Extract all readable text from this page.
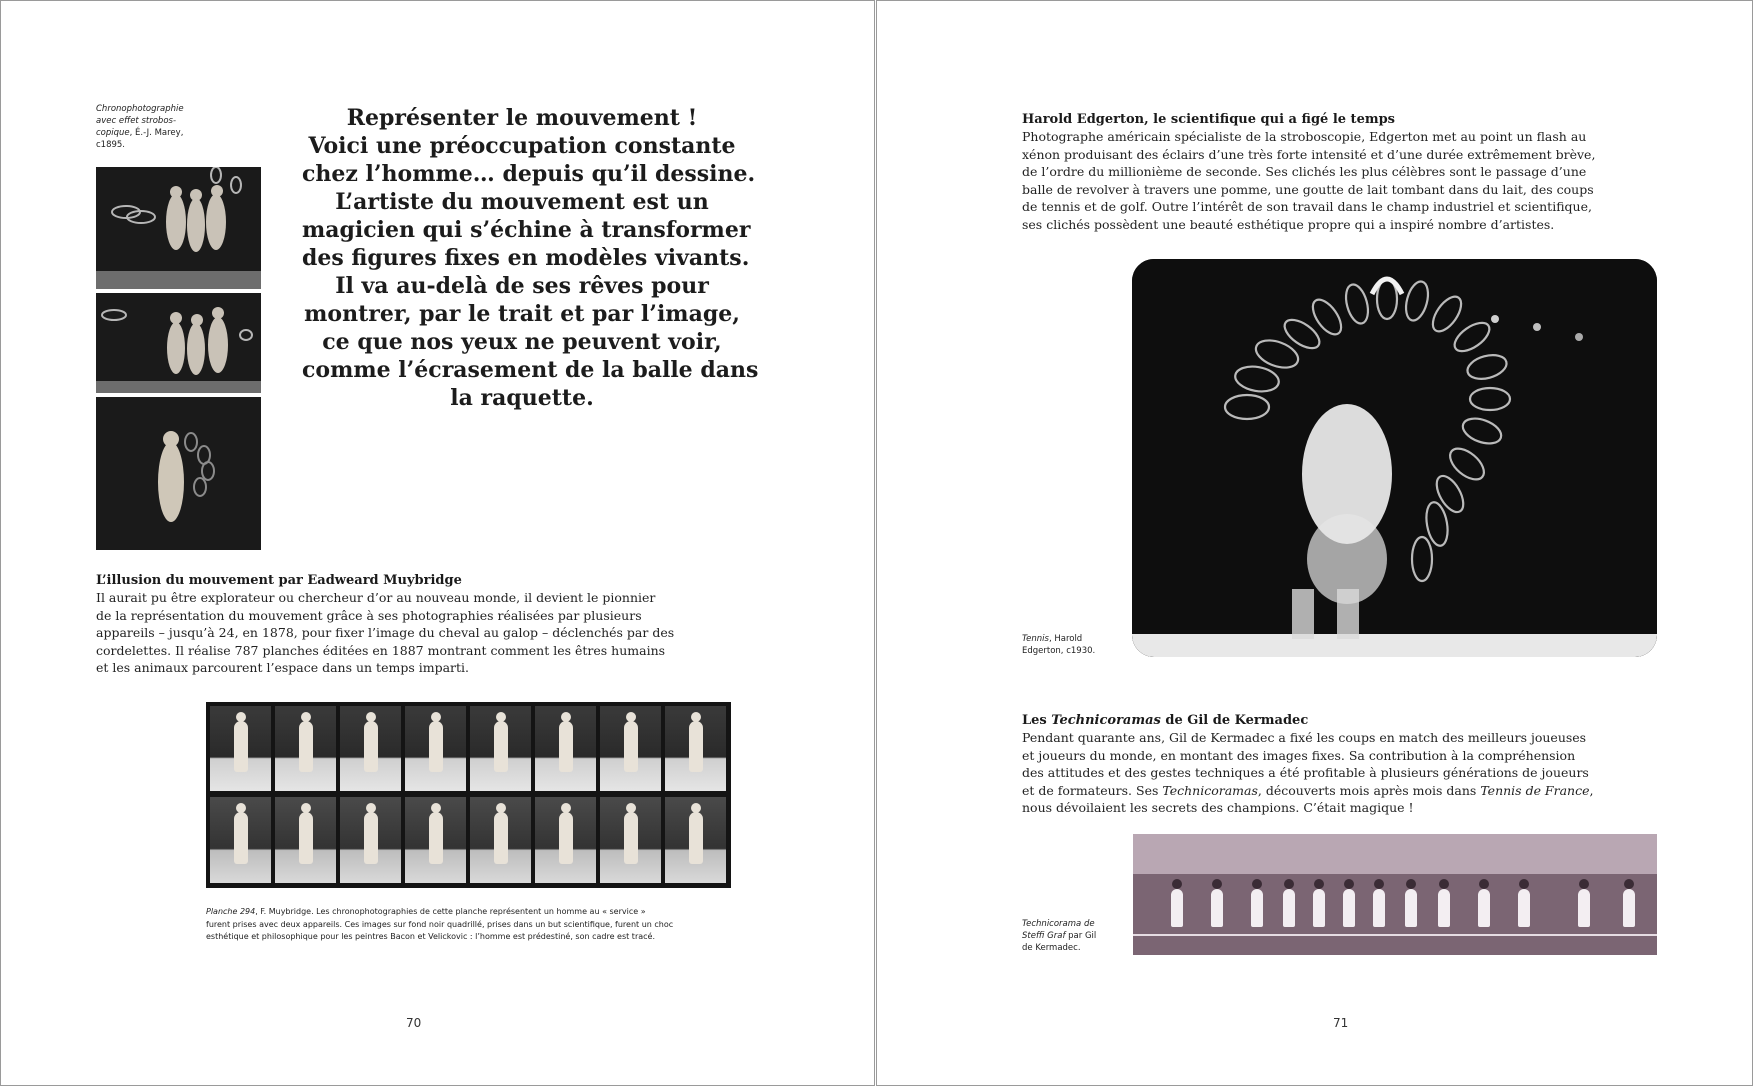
Chronophotographie
avec effet strobos-
copique, É.-J. Marey,
c1895.
Représenter le mouvement !
Voici une préoccupation constante
chez l’homme… depuis qu’il dessine.
L’artiste du mouvement est un
magicien qui s’échine à transformer
des figures fixes en modèles vivants.
Il va au-delà de ses rêves pour
montrer, par le trait et par l’image,
ce que nos yeux ne peuvent voir,
comme l’écrasement de la balle dans
la raquette.
L’illusion du mouvement par Eadweard Muybridge
Il aurait pu être explorateur ou chercheur d’or au nouveau monde, il devient le pionnier
de la représentation du mouvement grâce à ses photographies réalisées par plusieurs
appareils – jusqu’à 24, en 1878, pour fixer l’image du cheval au galop – déclenchés par des
cordelettes. Il réalise 787 planches éditées en 1887 montrant comment les êtres humains
et les animaux parcourent l’espace dans un temps imparti.
Planche 294, F. Muybridge. Les chronophotographies de cette planche représentent un homme au « service »
furent prises avec deux appareils. Ces images sur fond noir quadrillé, prises dans un but scientifique, furent un choc
esthétique et philosophique pour les peintres Bacon et Velickovic : l’homme est prédestiné, son cadre est tracé.
70
Harold Edgerton, le scientifique qui a figé le temps
Photographe américain spécialiste de la stroboscopie, Edgerton met au point un flash au
xénon produisant des éclairs d’une très forte intensité et d’une durée extrêmement brève,
de l’ordre du millionième de seconde. Ses clichés les plus célèbres sont le passage d’une
balle de revolver à travers une pomme, une goutte de lait tombant dans du lait, des coups
de tennis et de golf. Outre l’intérêt de son travail dans le champ industriel et scientifique,
ses clichés possèdent une beauté esthétique propre qui a inspiré nombre d’artistes.
Tennis, Harold
Edgerton, c1930.
Les Technicoramas de Gil de Kermadec
Pendant quarante ans, Gil de Kermadec a fixé les coups en match des meilleurs joueuses
et joueurs du monde, en montant des images fixes. Sa contribution à la compréhension
des attitudes et des gestes techniques a été profitable à plusieurs générations de joueurs
et de formateurs. Ses Technicoramas, découverts mois après mois dans Tennis de France,
nous dévoilaient les secrets des champions. C’était magique !
Technicorama de
Steffi Graf par Gil
de Kermadec.
71
